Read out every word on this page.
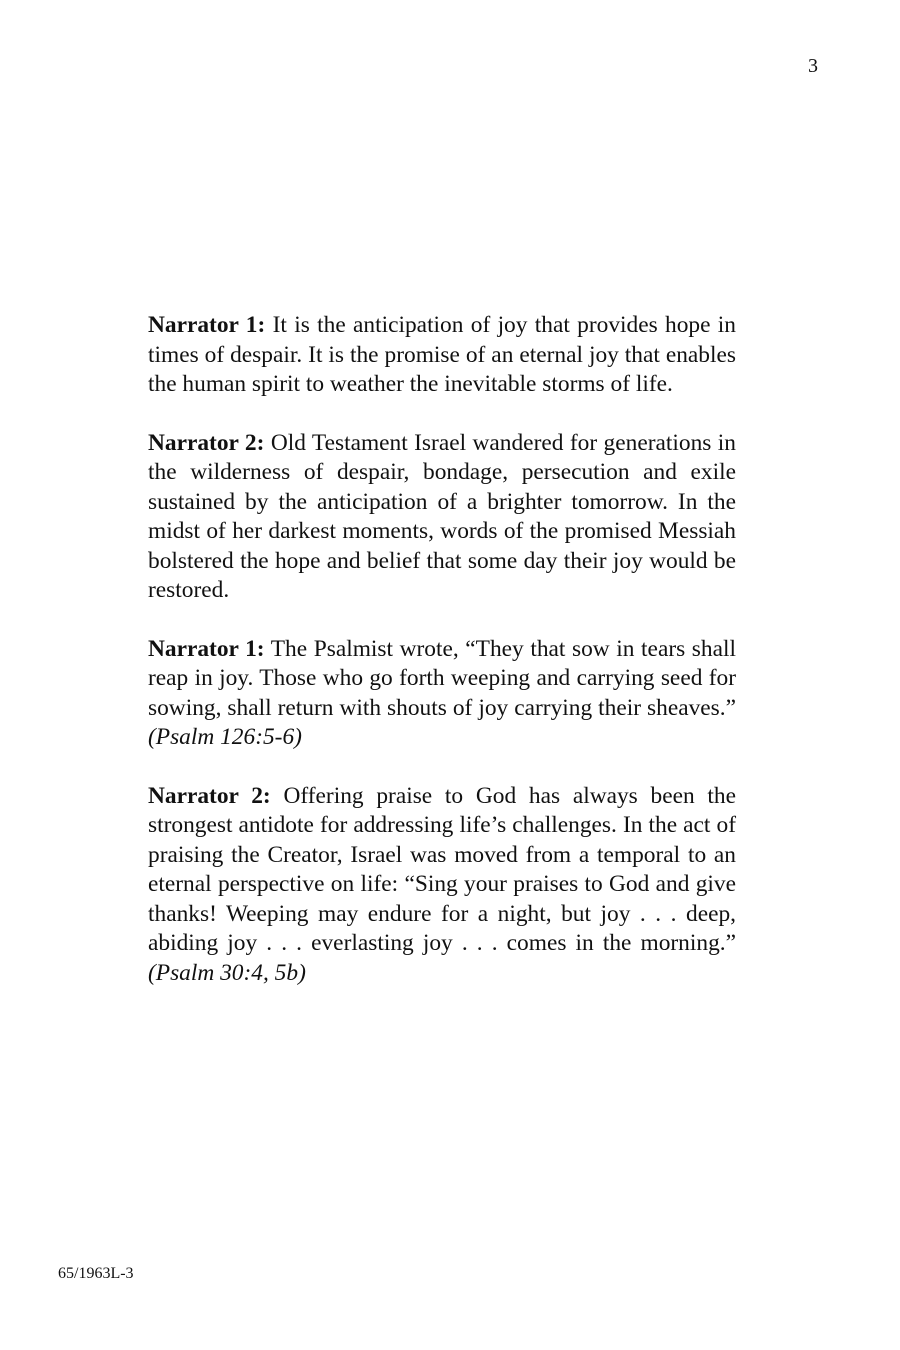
3

Narrator 1: It is the anticipation of joy that provides hope in times of despair. It is the promise of an eternal joy that enables the human spirit to weather the inevitable storms of life.

Narrator 2: Old Testament Israel wandered for generations in the wilderness of despair, bondage, persecution and exile sustained by the anticipation of a brighter tomorrow. In the midst of her darkest moments, words of the promised Messiah bolstered the hope and belief that some day their joy would be restored.

Narrator 1: The Psalmist wrote, “They that sow in tears shall reap in joy. Those who go forth weeping and carrying seed for sowing, shall return with shouts of joy carrying their sheaves.” (Psalm 126:5-6)

Narrator 2: Offering praise to God has always been the strongest antidote for addressing life’s challenges. In the act of praising the Creator, Israel was moved from a temporal to an eternal perspective on life: “Sing your praises to God and give thanks! Weeping may endure for a night, but joy . . . deep, abiding joy . . . everlasting joy . . . comes in the morning.” (Psalm 30:4, 5b)

65/1963L-3
